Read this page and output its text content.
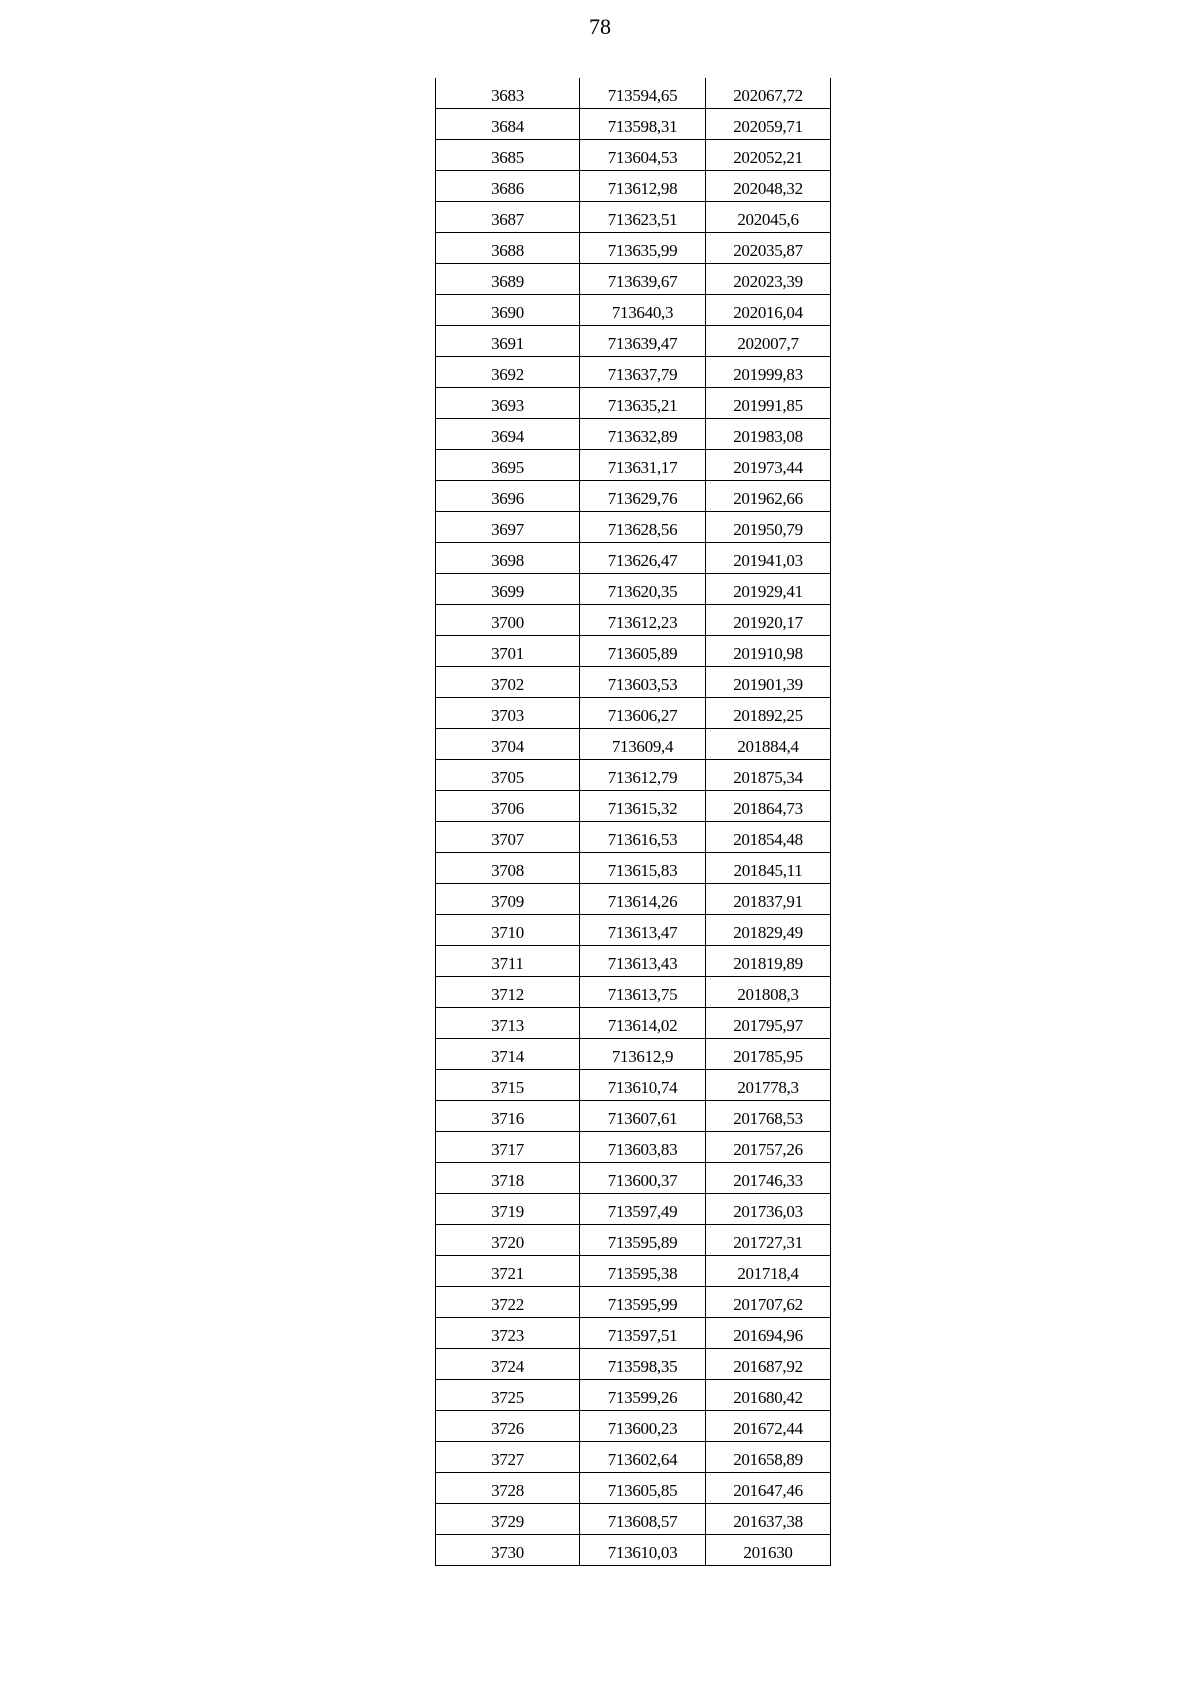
78
3683	713594,65	202067,72
3684	713598,31	202059,71
3685	713604,53	202052,21
3686	713612,98	202048,32
3687	713623,51	202045,6
3688	713635,99	202035,87
3689	713639,67	202023,39
3690	713640,3	202016,04
3691	713639,47	202007,7
3692	713637,79	201999,83
3693	713635,21	201991,85
3694	713632,89	201983,08
3695	713631,17	201973,44
3696	713629,76	201962,66
3697	713628,56	201950,79
3698	713626,47	201941,03
3699	713620,35	201929,41
3700	713612,23	201920,17
3701	713605,89	201910,98
3702	713603,53	201901,39
3703	713606,27	201892,25
3704	713609,4	201884,4
3705	713612,79	201875,34
3706	713615,32	201864,73
3707	713616,53	201854,48
3708	713615,83	201845,11
3709	713614,26	201837,91
3710	713613,47	201829,49
3711	713613,43	201819,89
3712	713613,75	201808,3
3713	713614,02	201795,97
3714	713612,9	201785,95
3715	713610,74	201778,3
3716	713607,61	201768,53
3717	713603,83	201757,26
3718	713600,37	201746,33
3719	713597,49	201736,03
3720	713595,89	201727,31
3721	713595,38	201718,4
3722	713595,99	201707,62
3723	713597,51	201694,96
3724	713598,35	201687,92
3725	713599,26	201680,42
3726	713600,23	201672,44
3727	713602,64	201658,89
3728	713605,85	201647,46
3729	713608,57	201637,38
3730	713610,03	201630
